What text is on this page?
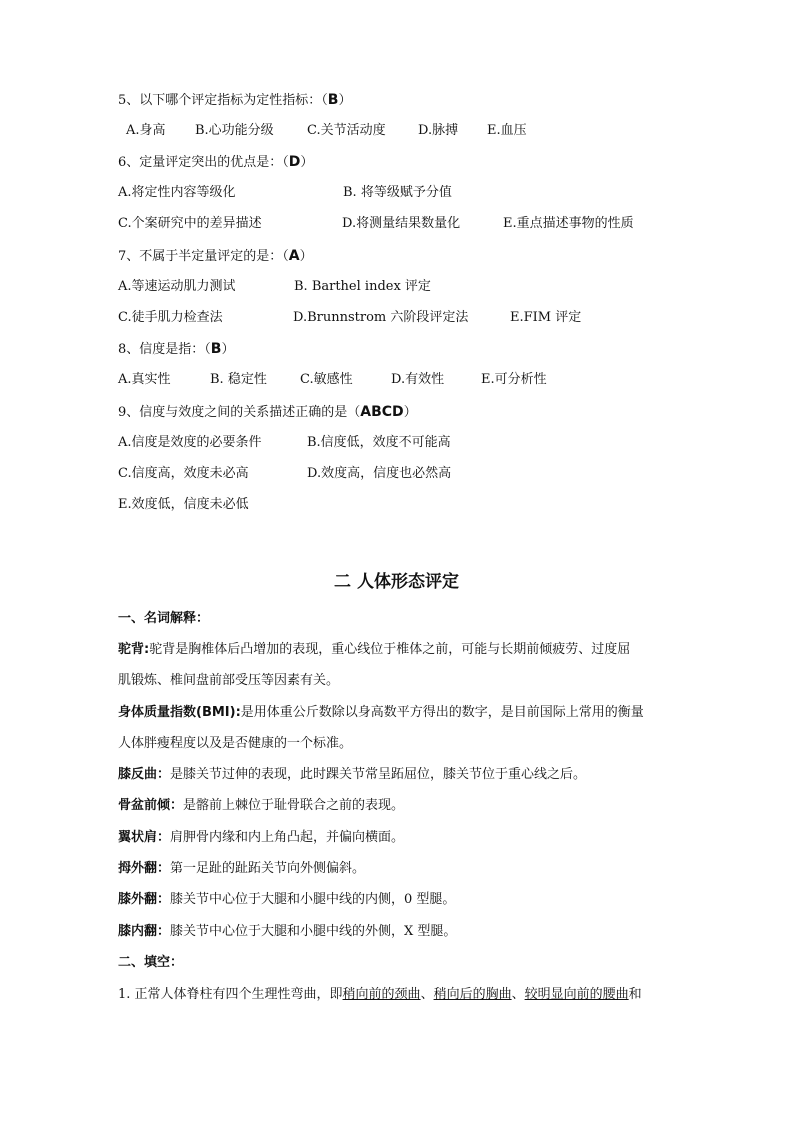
5、以下哪个评定指标为定性指标：（B）
A.身高 B.心功能分级	C.关节活动度 D.脉搏 E.血压
6、定量评定突出的优点是：（D）
A.将定性内容等级化	B. 将等级赋予分值
C.个案研究中的差异描述	D.将测量结果数量化	E.重点描述事物的性质
7、不属于半定量评定的是：（A）
A.等速运动肌力测试	B. Barthel index 评定
C.徒手肌力检查法	D.Brunnstrom 六阶段评定法	E.FIM 评定
8、信度是指：（B）
A.真实性	B. 稳定性	C.敏感性	D.有效性	E.可分析性
9、信度与效度之间的关系描述正确的是（ABCD）
A.信度是效度的必要条件	B.信度低，效度不可能高
C.信度高，效度未必高	D.效度高，信度也必然高
E.效度低，信度未必低
二 人体形态评定
一、名词解释：
驼背:驼背是胸椎体后凸增加的表现，重心线位于椎体之前，可能与长期前倾疲劳、过度屈
肌锻炼、椎间盘前部受压等因素有关。
身体质量指数(BMI):是用体重公斤数除以身高数平方得出的数字，是目前国际上常用的衡量
人体胖瘦程度以及是否健康的一个标准。
膝反曲：是膝关节过伸的表现，此时踝关节常呈跖屈位，膝关节位于重心线之后。
骨盆前倾：是髂前上棘位于耻骨联合之前的表现。
翼状肩：肩胛骨内缘和内上角凸起，并偏向横面。
拇外翻：第一足趾的趾跖关节向外侧偏斜。
膝外翻：膝关节中心位于大腿和小腿中线的内侧，0 型腿。
膝内翻：膝关节中心位于大腿和小腿中线的外侧，X 型腿。
二、填空：
1. 正常人体脊柱有四个生理性弯曲，即稍向前的颈曲、稍向后的胸曲、较明显向前的腰曲和
